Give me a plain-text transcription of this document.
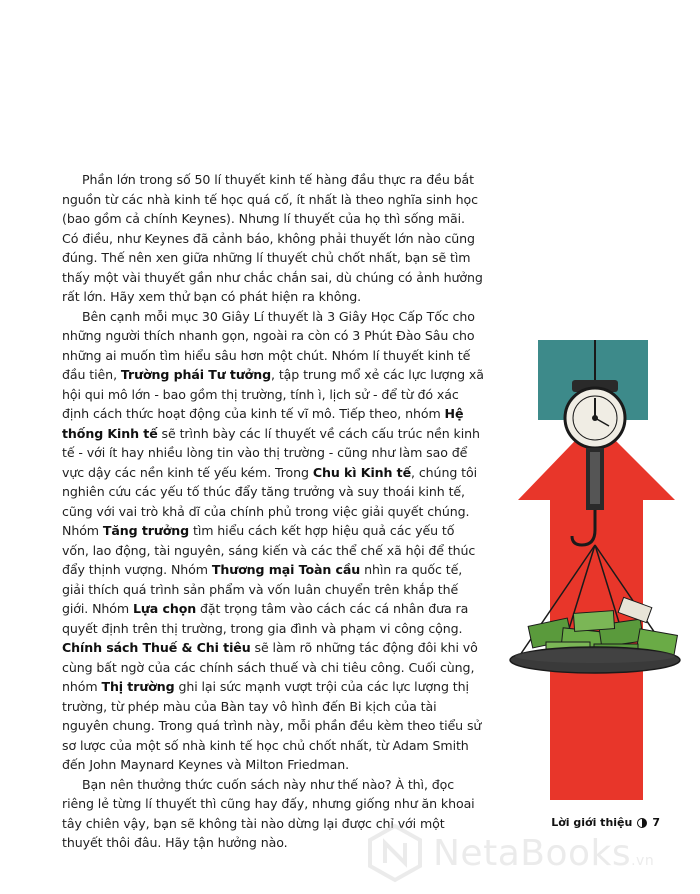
Phần lớn trong số 50 lí thuyết kinh tế hàng đầu thực ra đều bắt nguồn từ các nhà kinh tế học quá cố, ít nhất là theo nghĩa sinh học (bao gồm cả chính Keynes). Nhưng lí thuyết của họ thì sống mãi. Có điều, như Keynes đã cảnh báo, không phải thuyết lớn nào cũng đúng. Thế nên xen giữa những lí thuyết chủ chốt nhất, bạn sẽ tìm thấy một vài thuyết gần như chắc chắn sai, dù chúng có ảnh hưởng rất lớn. Hãy xem thử bạn có phát hiện ra không.

Bên cạnh mỗi mục 30 Giây Lí thuyết là 3 Giây Học Cấp Tốc cho những người thích nhanh gọn, ngoài ra còn có 3 Phút Đào Sâu cho những ai muốn tìm hiểu sâu hơn một chút. Nhóm lí thuyết kinh tế đầu tiên, Trường phái Tư tưởng, tập trung mổ xẻ các lực lượng xã hội qui mô lớn - bao gồm thị trường, tính ì, lịch sử - để từ đó xác định cách thức hoạt động của kinh tế vĩ mô. Tiếp theo, nhóm Hệ thống Kinh tế sẽ trình bày các lí thuyết về cách cấu trúc nền kinh tế - với ít hay nhiều lòng tin vào thị trường - cũng như làm sao để vực dậy các nền kinh tế yếu kém. Trong Chu kì Kinh tế, chúng tôi nghiên cứu các yếu tố thúc đẩy tăng trưởng và suy thoái kinh tế, cũng với vai trò khả dĩ của chính phủ trong việc giải quyết chúng. Nhóm Tăng trưởng tìm hiểu cách kết hợp hiệu quả các yếu tố vốn, lao động, tài nguyên, sáng kiến và các thể chế xã hội để thúc đẩy thịnh vượng. Nhóm Thương mại Toàn cầu nhìn ra quốc tế, giải thích quá trình sản phẩm và vốn luân chuyển trên khắp thế giới. Nhóm Lựa chọn đặt trọng tâm vào cách các cá nhân đưa ra quyết định trên thị trường, trong gia đình và phạm vi công cộng. Chính sách Thuế & Chi tiêu sẽ làm rõ những tác động đôi khi vô cùng bất ngờ của các chính sách thuế và chi tiêu công. Cuối cùng, nhóm Thị trường ghi lại sức mạnh vượt trội của các lực lượng thị trường, từ phép màu của Bàn tay vô hình đến Bi kịch của tài nguyên chung. Trong quá trình này, mỗi phần đều kèm theo tiểu sử sơ lược của một số nhà kinh tế học chủ chốt nhất, từ Adam Smith đến John Maynard Keynes và Milton Friedman.

Bạn nên thưởng thức cuốn sách này như thế nào? À thì, đọc riêng lẻ từng lí thuyết thì cũng hay đấy, nhưng giống như ăn khoai tây chiên vậy, bạn sẽ không tài nào dừng lại được chỉ với một thuyết thôi đâu. Hãy tận hưởng nào.

Lời giới thiệu 7
NetaBooks.vn
